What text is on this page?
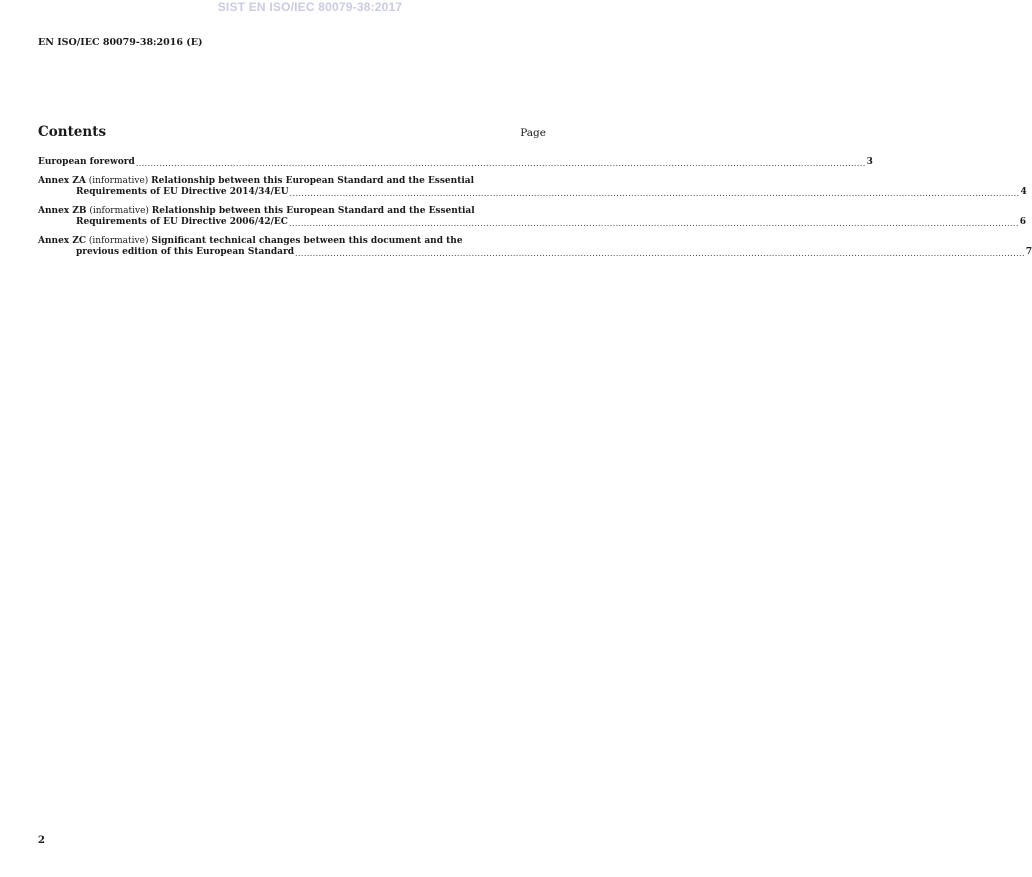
SIST EN ISO/IEC 80079-38:2017
EN ISO/IEC 80079-38:2016 (E)
Contents	Page
European foreword ........................................................................................................................................................................................................................................................ 3
Annex ZA (informative) Relationship between this European Standard and the Essential
Requirements of EU Directive 2014/34/EU ........................................................................................................................................................................................................................................................ 4
Annex ZB (informative) Relationship between this European Standard and the Essential
Requirements of EU Directive 2006/42/EC ........................................................................................................................................................................................................................................................ 6
Annex ZC (informative) Significant technical changes between this document and the
previous edition of this European Standard ........................................................................................................................................................................................................................................................ 7
2
